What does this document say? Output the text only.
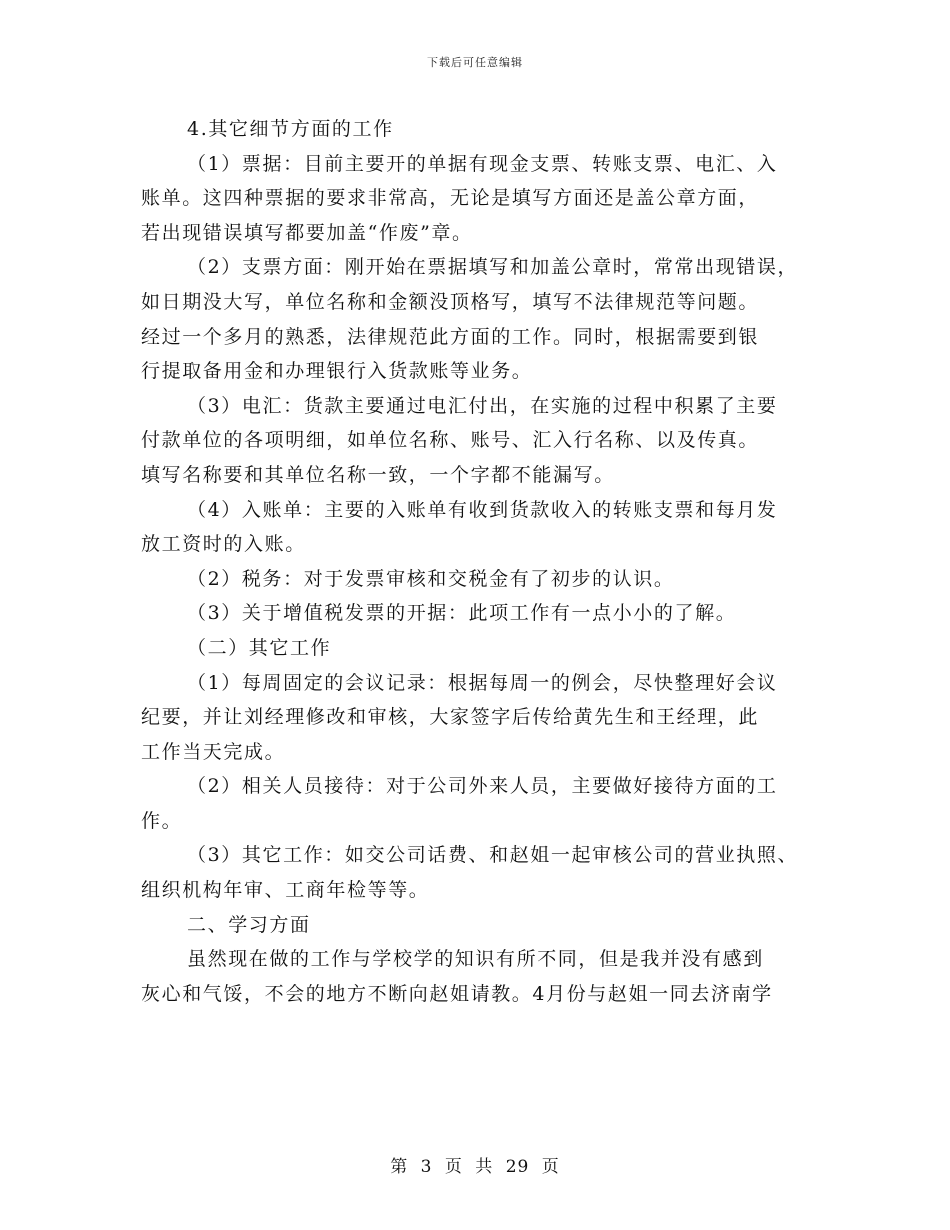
下载后可任意编辑
4.其它细节方面的工作
（1）票据：目前主要开的单据有现金支票、转账支票、电汇、入
账单。这四种票据的要求非常高，无论是填写方面还是盖公章方面，
若出现错误填写都要加盖“作废”章。
（2）支票方面：刚开始在票据填写和加盖公章时，常常出现错误，
如日期没大写，单位名称和金额没顶格写，填写不法律规范等问题。
经过一个多月的熟悉，法律规范此方面的工作。同时，根据需要到银
行提取备用金和办理银行入货款账等业务。
（3）电汇：货款主要通过电汇付出，在实施的过程中积累了主要
付款单位的各项明细，如单位名称、账号、汇入行名称、以及传真。
填写名称要和其单位名称一致，一个字都不能漏写。
（4）入账单：主要的入账单有收到货款收入的转账支票和每月发
放工资时的入账。
（2）税务：对于发票审核和交税金有了初步的认识。
（3）关于增值税发票的开据：此项工作有一点小小的了解。
（二）其它工作
（1）每周固定的会议记录：根据每周一的例会，尽快整理好会议
纪要，并让刘经理修改和审核，大家签字后传给黄先生和王经理，此
工作当天完成。
（2）相关人员接待：对于公司外来人员，主要做好接待方面的工
作。
（3）其它工作：如交公司话费、和赵姐一起审核公司的营业执照、
组织机构年审、工商年检等等。
二、学习方面
虽然现在做的工作与学校学的知识有所不同，但是我并没有感到
灰心和气馁，不会的地方不断向赵姐请教。4月份与赵姐一同去济南学
第 3 页 共 29 页
